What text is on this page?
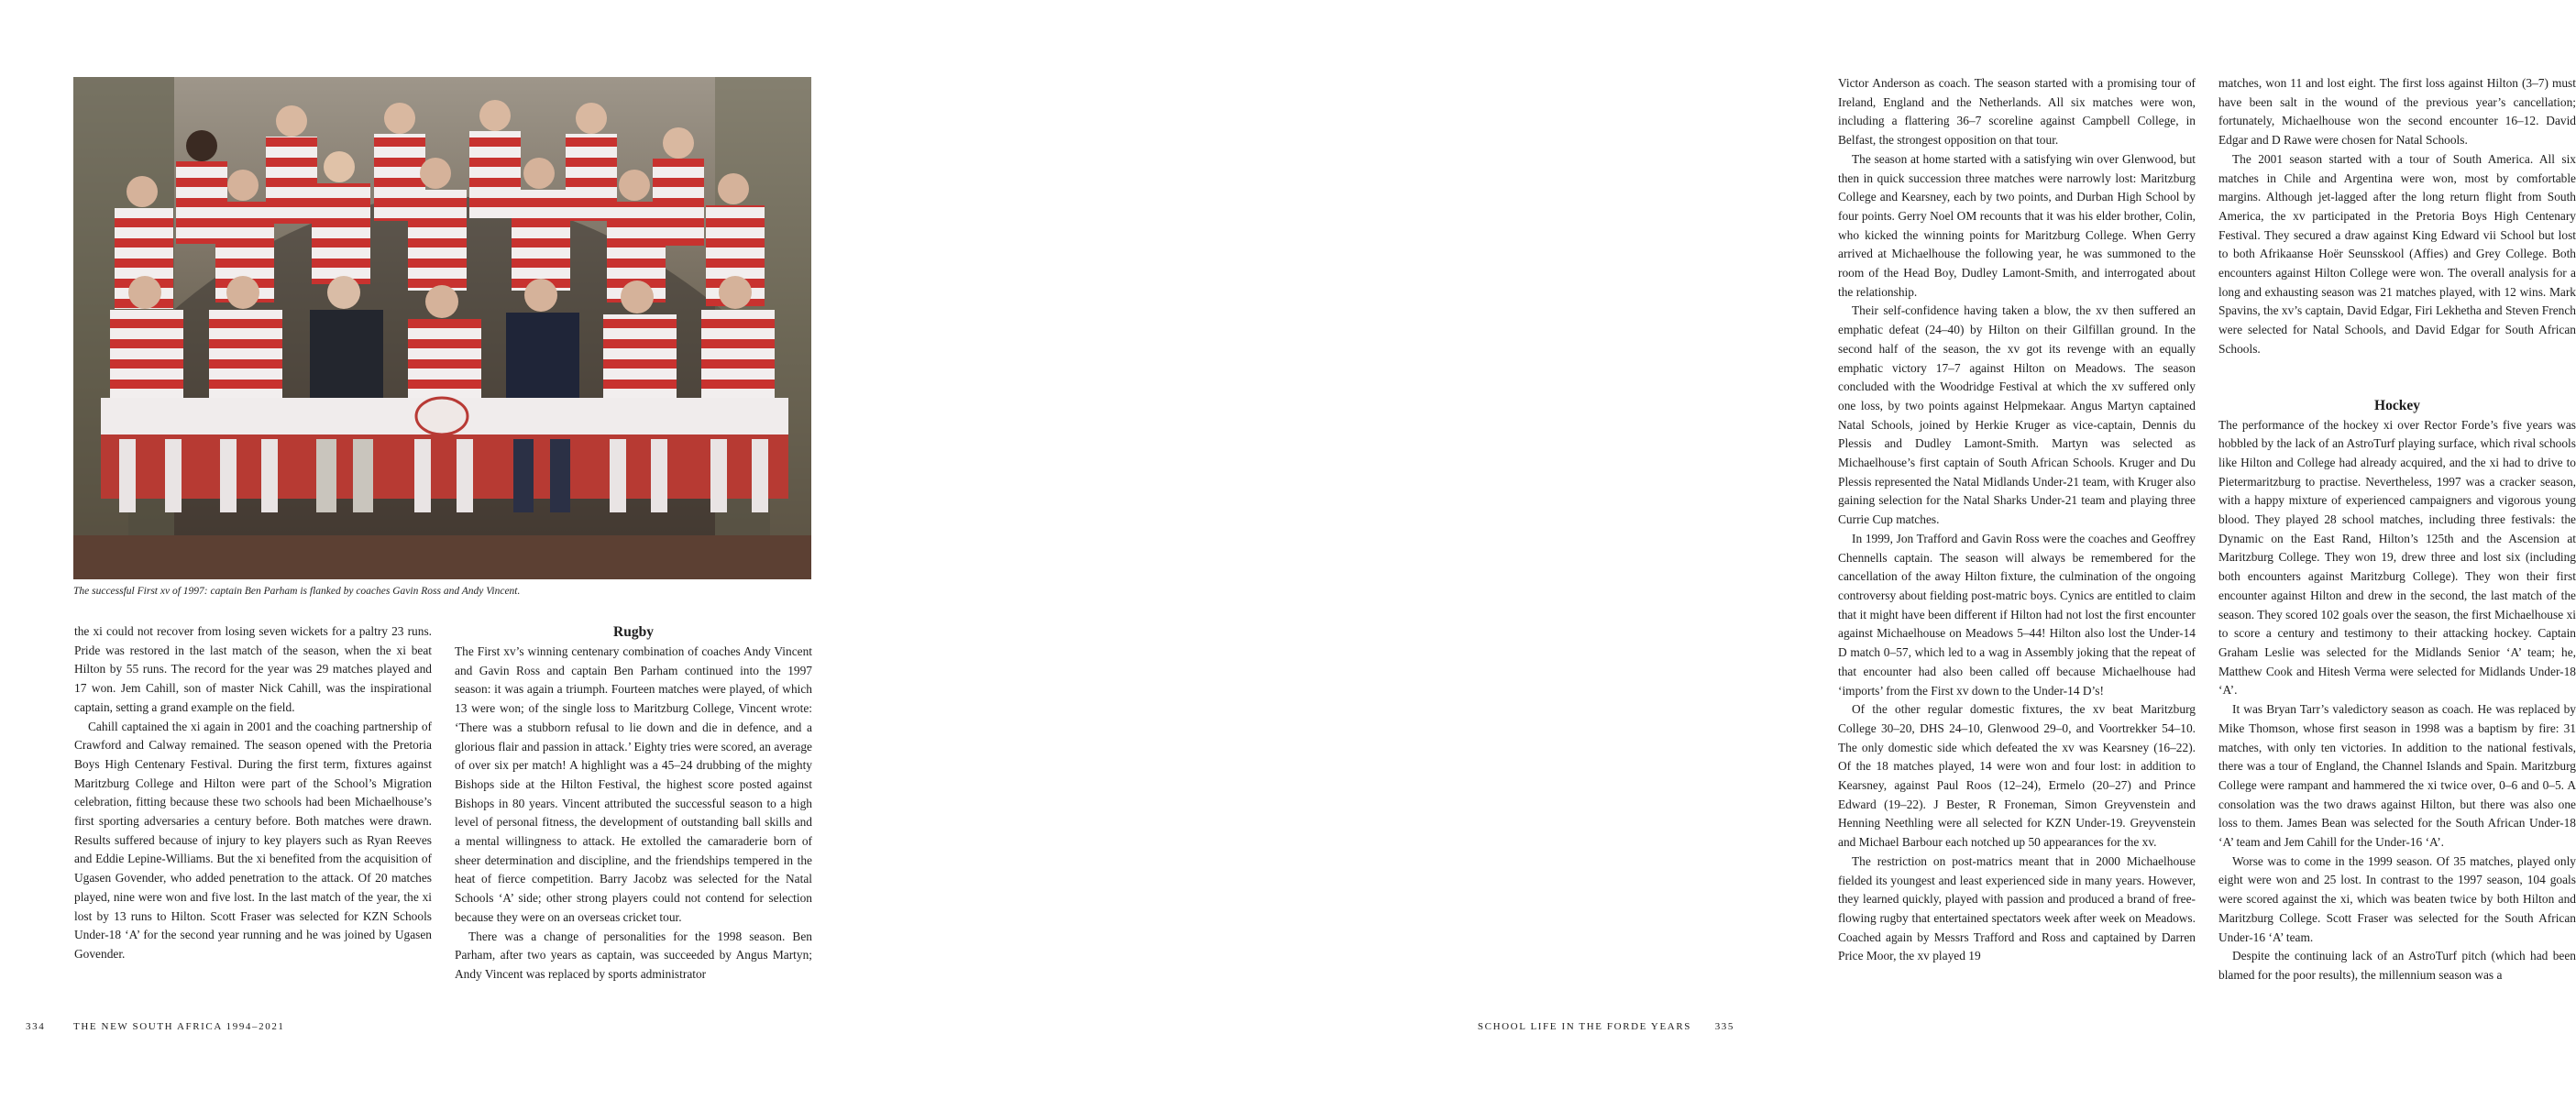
The successful First xv of 1997: captain Ben Parham is flanked by coaches Gavin Ross and Andy Vincent.

the xi could not recover from losing seven wickets for a paltry 23 runs. Pride was restored in the last match of the season, when the xi beat Hilton by 55 runs. The record for the year was 29 matches played and 17 won. Jem Cahill, son of master Nick Cahill, was the inspirational captain, setting a grand example on the field.

Cahill captained the xi again in 2001 and the coaching partnership of Crawford and Calway remained. The season opened with the Pretoria Boys High Centenary Festival. During the first term, fixtures against Maritzburg College and Hilton were part of the School’s Migration celebration, fitting because these two schools had been Michaelhouse’s first sporting adversaries a century before. Both matches were drawn. Results suffered because of injury to key players such as Ryan Reeves and Eddie Lepine-Williams. But the xi benefited from the acquisition of Ugasen Govender, who added penetration to the attack. Of 20 matches played, nine were won and five lost. In the last match of the year, the xi lost by 13 runs to Hilton. Scott Fraser was selected for KZN Schools Under-18 ‘A’ for the second year running and he was joined by Ugasen Govender.

Rugby

The First xv’s winning centenary combination of coaches Andy Vincent and Gavin Ross and captain Ben Parham continued into the 1997 season: it was again a triumph. Fourteen matches were played, of which 13 were won; of the single loss to Maritzburg College, Vincent wrote: ‘There was a stubborn refusal to lie down and die in defence, and a glorious flair and passion in attack.’ Eighty tries were scored, an average of over six per match! A highlight was a 45–24 drubbing of the mighty Bishops side at the Hilton Festival, the highest score posted against Bishops in 80 years. Vincent attributed the successful season to a high level of personal fitness, the development of outstanding ball skills and a mental willingness to attack. He extolled the camaraderie born of sheer determination and discipline, and the friendships tempered in the heat of fierce competition. Barry Jacobz was selected for the Natal Schools ‘A’ side; other strong players could not contend for selection because they were on an overseas cricket tour.

There was a change of personalities for the 1998 season. Ben Parham, after two years as captain, was succeeded by Angus Martyn; Andy Vincent was replaced by sports administrator

334	THE NEW SOUTH AFRICA 1994–2021

Victor Anderson as coach. The season started with a promising tour of Ireland, England and the Netherlands. All six matches were won, including a flattering 36–7 scoreline against Campbell College, in Belfast, the strongest opposition on that tour.

The season at home started with a satisfying win over Glenwood, but then in quick succession three matches were narrowly lost: Maritzburg College and Kearsney, each by two points, and Durban High School by four points. Gerry Noel OM recounts that it was his elder brother, Colin, who kicked the winning points for Maritzburg College. When Gerry arrived at Michaelhouse the following year, he was summoned to the room of the Head Boy, Dudley Lamont-Smith, and interrogated about the relationship.

Their self-confidence having taken a blow, the xv then suffered an emphatic defeat (24–40) by Hilton on their Gilfillan ground. In the second half of the season, the xv got its revenge with an equally emphatic victory 17–7 against Hilton on Meadows. The season concluded with the Woodridge Festival at which the xv suffered only one loss, by two points against Helpmekaar. Angus Martyn captained Natal Schools, joined by Herkie Kruger as vice-captain, Dennis du Plessis and Dudley Lamont-Smith. Martyn was selected as Michaelhouse’s first captain of South African Schools. Kruger and Du Plessis represented the Natal Midlands Under-21 team, with Kruger also gaining selection for the Natal Sharks Under-21 team and playing three Currie Cup matches.

In 1999, Jon Trafford and Gavin Ross were the coaches and Geoffrey Chennells captain. The season will always be remembered for the cancellation of the away Hilton fixture, the culmination of the ongoing controversy about fielding post-matric boys. Cynics are entitled to claim that it might have been different if Hilton had not lost the first encounter against Michaelhouse on Meadows 5–44! Hilton also lost the Under-14 D match 0–57, which led to a wag in Assembly joking that the repeat of that encounter had also been called off because Michaelhouse had ‘imports’ from the First xv down to the Under-14 D’s!

Of the other regular domestic fixtures, the xv beat Maritzburg College 30–20, DHS 24–10, Glenwood 29–0, and Voortrekker 54–10. The only domestic side which defeated the xv was Kearsney (16–22). Of the 18 matches played, 14 were won and four lost: in addition to Kearsney, against Paul Roos (12–24), Ermelo (20–27) and Prince Edward (19–22). J Bester, R Froneman, Simon Greyvenstein and Henning Neethling were all selected for KZN Under-19. Greyvenstein and Michael Barbour each notched up 50 appearances for the xv.

The restriction on post-matrics meant that in 2000 Michaelhouse fielded its youngest and least experienced side in many years. However, they learned quickly, played with passion and produced a brand of free-flowing rugby that entertained spectators week after week on Meadows. Coached again by Messrs Trafford and Ross and captained by Darren Price Moor, the xv played 19

matches, won 11 and lost eight. The first loss against Hilton (3–7) must have been salt in the wound of the previous year’s cancellation; fortunately, Michaelhouse won the second encounter 16–12. David Edgar and D Rawe were chosen for Natal Schools.

The 2001 season started with a tour of South America. All six matches in Chile and Argentina were won, most by comfortable margins. Although jet-lagged after the long return flight from South America, the xv participated in the Pretoria Boys High Centenary Festival. They secured a draw against King Edward vii School but lost to both Afrikaanse Hoër Seunsskool (Affies) and Grey College. Both encounters against Hilton College were won. The overall analysis for a long and exhausting season was 21 matches played, with 12 wins. Mark Spavins, the xv’s captain, David Edgar, Firi Lekhetha and Steven French were selected for Natal Schools, and David Edgar for South African Schools.

Hockey

The performance of the hockey xi over Rector Forde’s five years was hobbled by the lack of an AstroTurf playing surface, which rival schools like Hilton and College had already acquired, and the xi had to drive to Pietermaritzburg to practise. Nevertheless, 1997 was a cracker season, with a happy mixture of experienced campaigners and vigorous young blood. They played 28 school matches, including three festivals: the Dynamic on the East Rand, Hilton’s 125th and the Ascension at Maritzburg College. They won 19, drew three and lost six (including both encounters against Maritzburg College). They won their first encounter against Hilton and drew in the second, the last match of the season. They scored 102 goals over the season, the first Michaelhouse xi to score a century and testimony to their attacking hockey. Captain Graham Leslie was selected for the Midlands Senior ‘A’ team; he, Matthew Cook and Hitesh Verma were selected for Midlands Under-18 ‘A’.

It was Bryan Tarr’s valedictory season as coach. He was replaced by Mike Thomson, whose first season in 1998 was a baptism by fire: 31 matches, with only ten victories. In addition to the national festivals, there was a tour of England, the Channel Islands and Spain. Maritzburg College were rampant and hammered the xi twice over, 0–6 and 0–5. A consolation was the two draws against Hilton, but there was also one loss to them. James Bean was selected for the South African Under-18 ‘A’ team and Jem Cahill for the Under-16 ‘A’.

Worse was to come in the 1999 season. Of 35 matches, played only eight were won and 25 lost. In contrast to the 1997 season, 104 goals were scored against the xi, which was beaten twice by both Hilton and Maritzburg College. Scott Fraser was selected for the South African Under-16 ‘A’ team.

Despite the continuing lack of an AstroTurf pitch (which had been blamed for the poor results), the millennium season was a

SCHOOL LIFE IN THE FORDE YEARS 335
